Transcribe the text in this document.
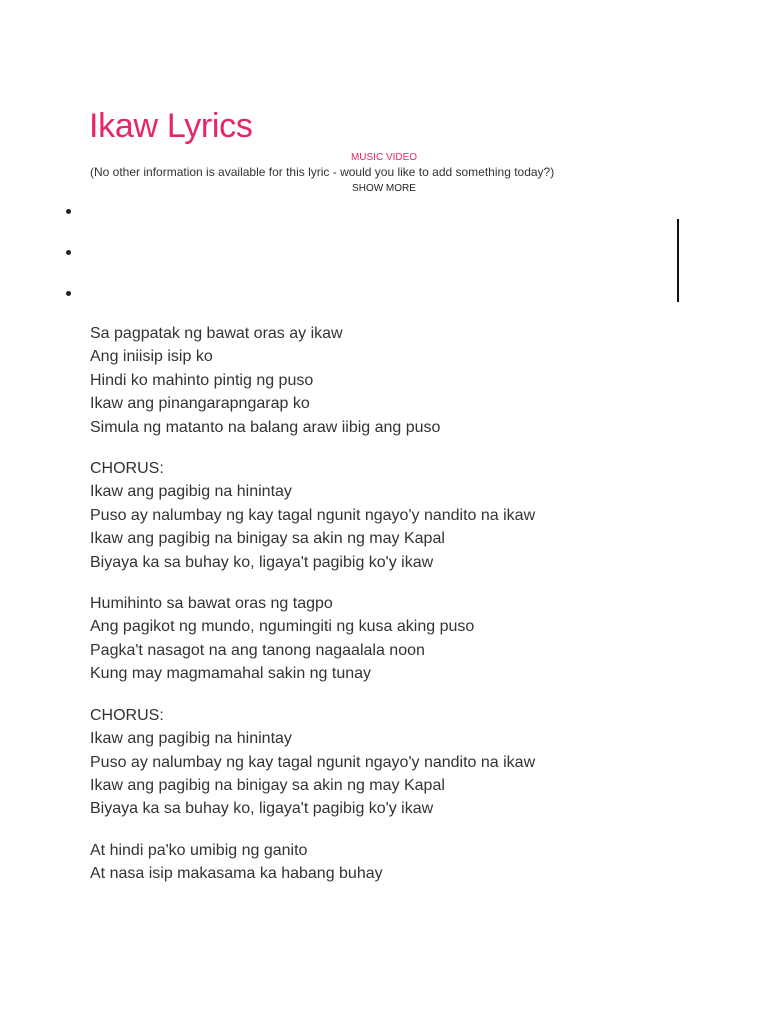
Ikaw Lyrics
MUSIC VIDEO
(No other information is available for this lyric - would you like to add something today?)
SHOW MORE
Sa pagpatak ng bawat oras ay ikaw
Ang iniisip isip ko
Hindi ko mahinto pintig ng puso
Ikaw ang pinangarapngarap ko
Simula ng matanto na balang araw iibig ang puso
CHORUS:
Ikaw ang pagibig na hinintay
Puso ay nalumbay ng kay tagal ngunit ngayo'y nandito na ikaw
Ikaw ang pagibig na binigay sa akin ng may Kapal
Biyaya ka sa buhay ko, ligaya't pagibig ko'y ikaw
Humihinto sa bawat oras ng tagpo
Ang pagikot ng mundo, ngumingiti ng kusa aking puso
Pagka't nasagot na ang tanong nagaalala noon
Kung may magmamahal sakin ng tunay
CHORUS:
Ikaw ang pagibig na hinintay
Puso ay nalumbay ng kay tagal ngunit ngayo'y nandito na ikaw
Ikaw ang pagibig na binigay sa akin ng may Kapal
Biyaya ka sa buhay ko, ligaya't pagibig ko'y ikaw
At hindi pa'ko umibig ng ganito
At nasa isip makasama ka habang buhay
